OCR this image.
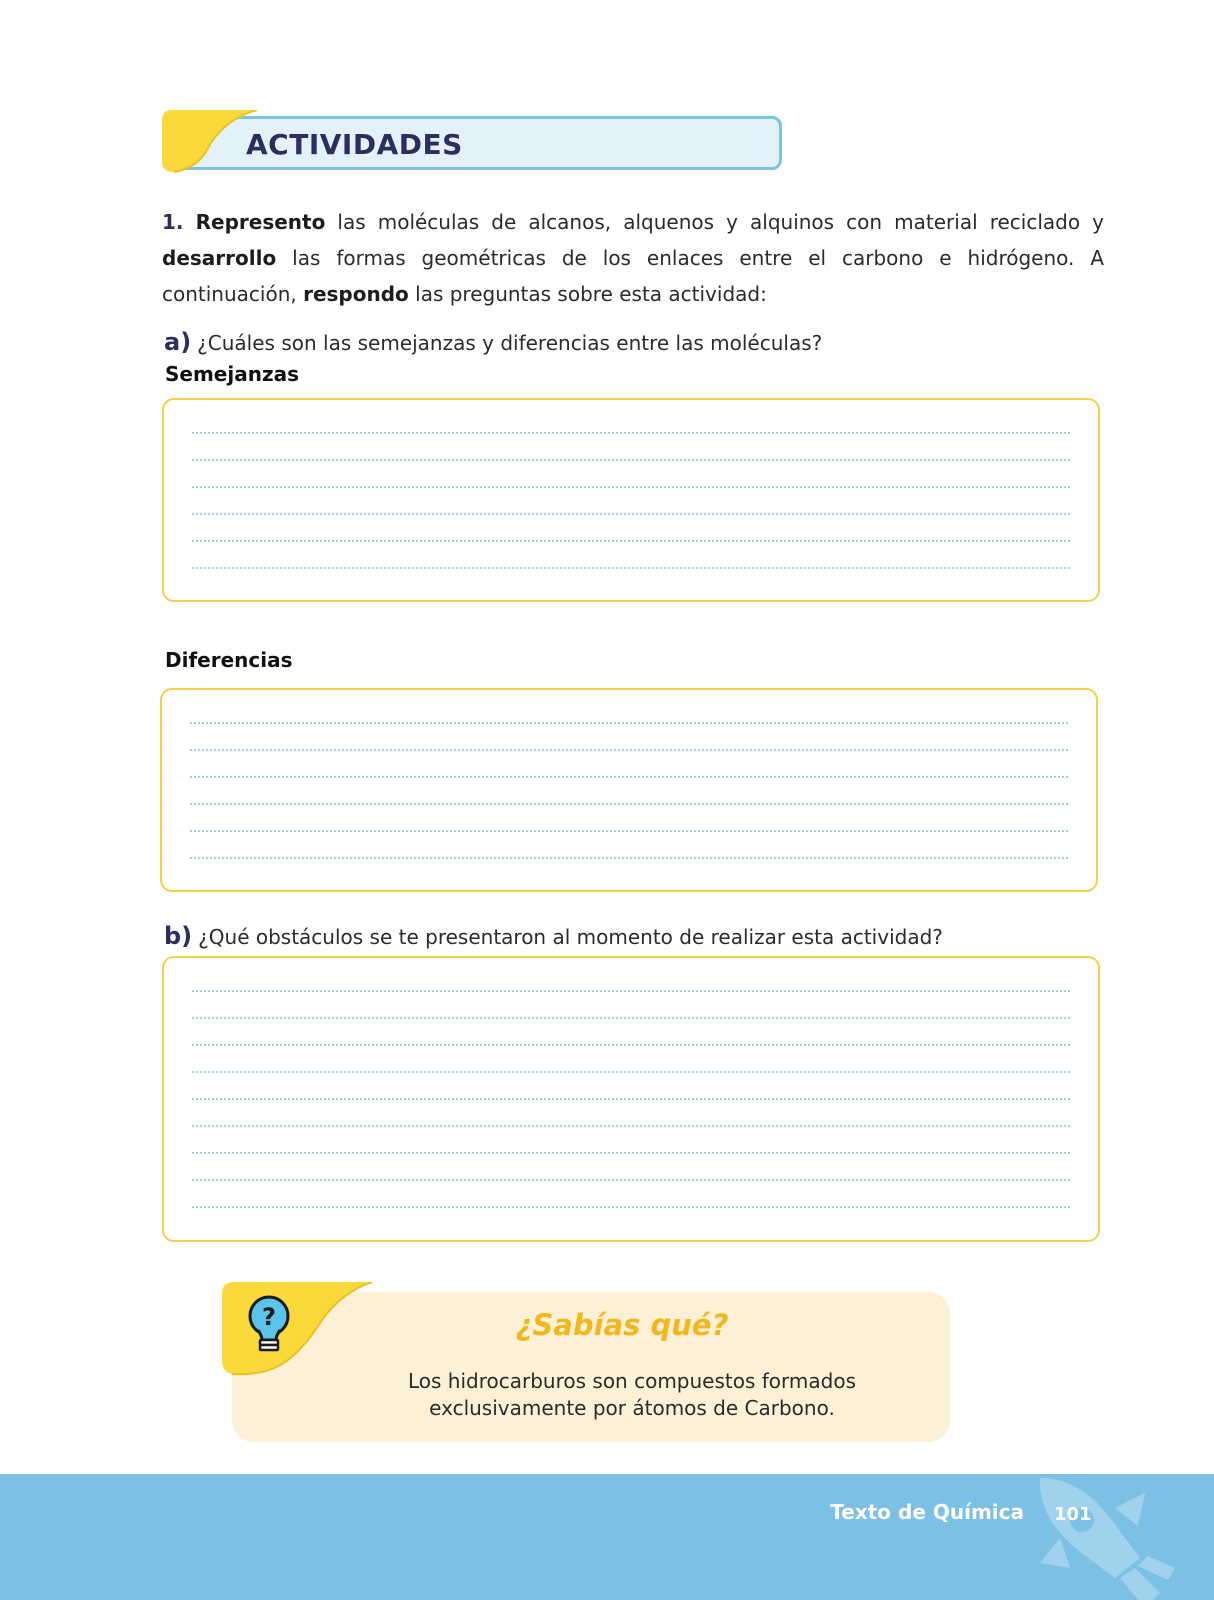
ACTIVIDADES
1. Represento las moléculas de alcanos, alquenos y alquinos con material reciclado y desarrollo las formas geométricas de los enlaces entre el carbono e hidrógeno. A continuación, respondo las preguntas sobre esta actividad:
a) ¿Cuáles son las semejanzas y diferencias entre las moléculas?
Semejanzas
Diferencias
b) ¿Qué obstáculos se te presentaron al momento de realizar esta actividad?
?	¿Sabías qué?
Los hidrocarburos son compuestos formados
exclusivamente por átomos de Carbono.
Texto de Química 101
